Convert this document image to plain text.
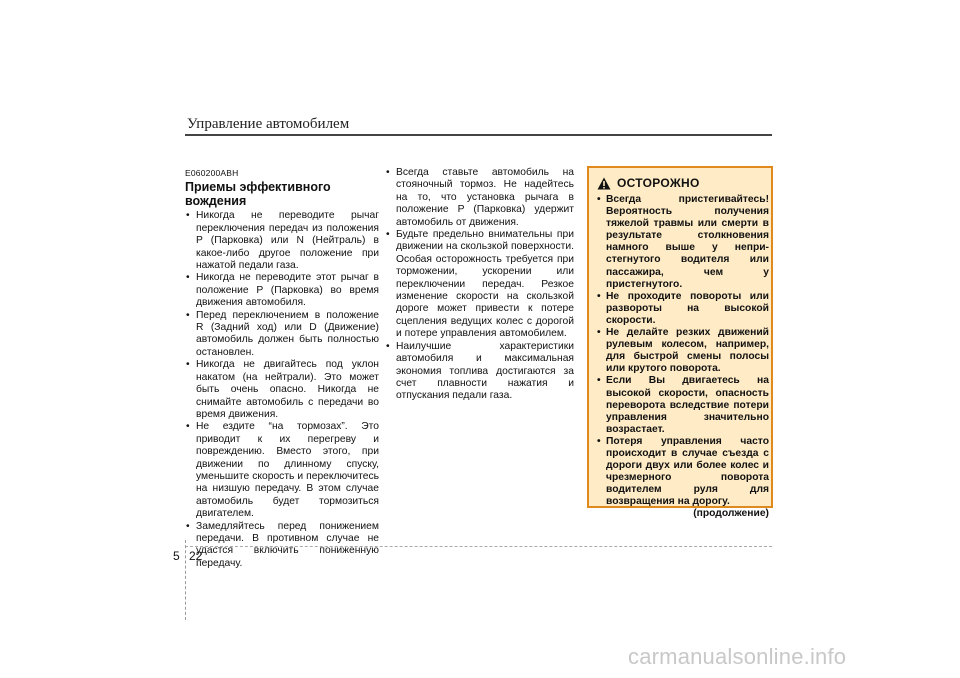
Управление автомобилем
E060200ABH
Приемы эффективного вождения
• Никогда не переводите рычаг переключения передач из положения P (Парковка) или N (Нейтраль) в какое-либо другое положение при нажатой педали газа.
• Никогда не переводите этот рычаг в положение P (Парковка) во время движения автомобиля.
• Перед переключением в положение R (Задний ход) или D (Движение) автомобиль должен быть полностью остановлен.
• Никогда не двигайтесь под уклон накатом (на нейтрали). Это может быть очень опасно. Никогда не снимайте автомобиль с передачи во время движения.
• Не ездите “на тормозах”. Это приводит к их перегреву и повреждению. Вместо этого, при движении по длинному спуску, уменьшите скорость и переключитесь на низшую передачу. В этом случае автомобиль будет тормозиться двигателем.
• Замедляйтесь перед понижением передачи. В противном случае не удастся включить пониженную передачу.
• Всегда ставьте автомобиль на стояночный тормоз. Не надейтесь на то, что установка рычага в положение P (Парковка) удержит автомобиль от движения.
• Будьте предельно внимательны при движении на скользкой поверхности. Особая осторожность требуется при торможении, ускорении или переключении передач. Резкое изменение скорости на скользкой дороге может привести к потере сцепления ведущих колес с дорогой и потере управления автомобилем.
• Наилучшие характеристики автомобиля и максимальная экономия топлива достигаются за счет плавности нажатия и отпускания педали газа.
ОСТОРОЖНО
• Всегда пристегивайтесь! Вероятность получения тяжелой травмы или смерти в результате столкновения намного выше у непри-стегнутого водителя или пассажира, чем у пристегнутого.
• Не проходите повороты или развороты на высокой скорости.
• Не делайте резких движений рулевым колесом, например, для быстрой смены полосы или крутого поворота.
• Если Вы двигаетесь на высокой скорости, опасность переворота вследствие потери управления значительно возрастает.
• Потеря управления часто происходит в случае съезда с дороги двух или более колес и чрезмерного поворота водителем руля для возвращения на дорогу.
(продолжение)
5 22
carmanualsonline.info
